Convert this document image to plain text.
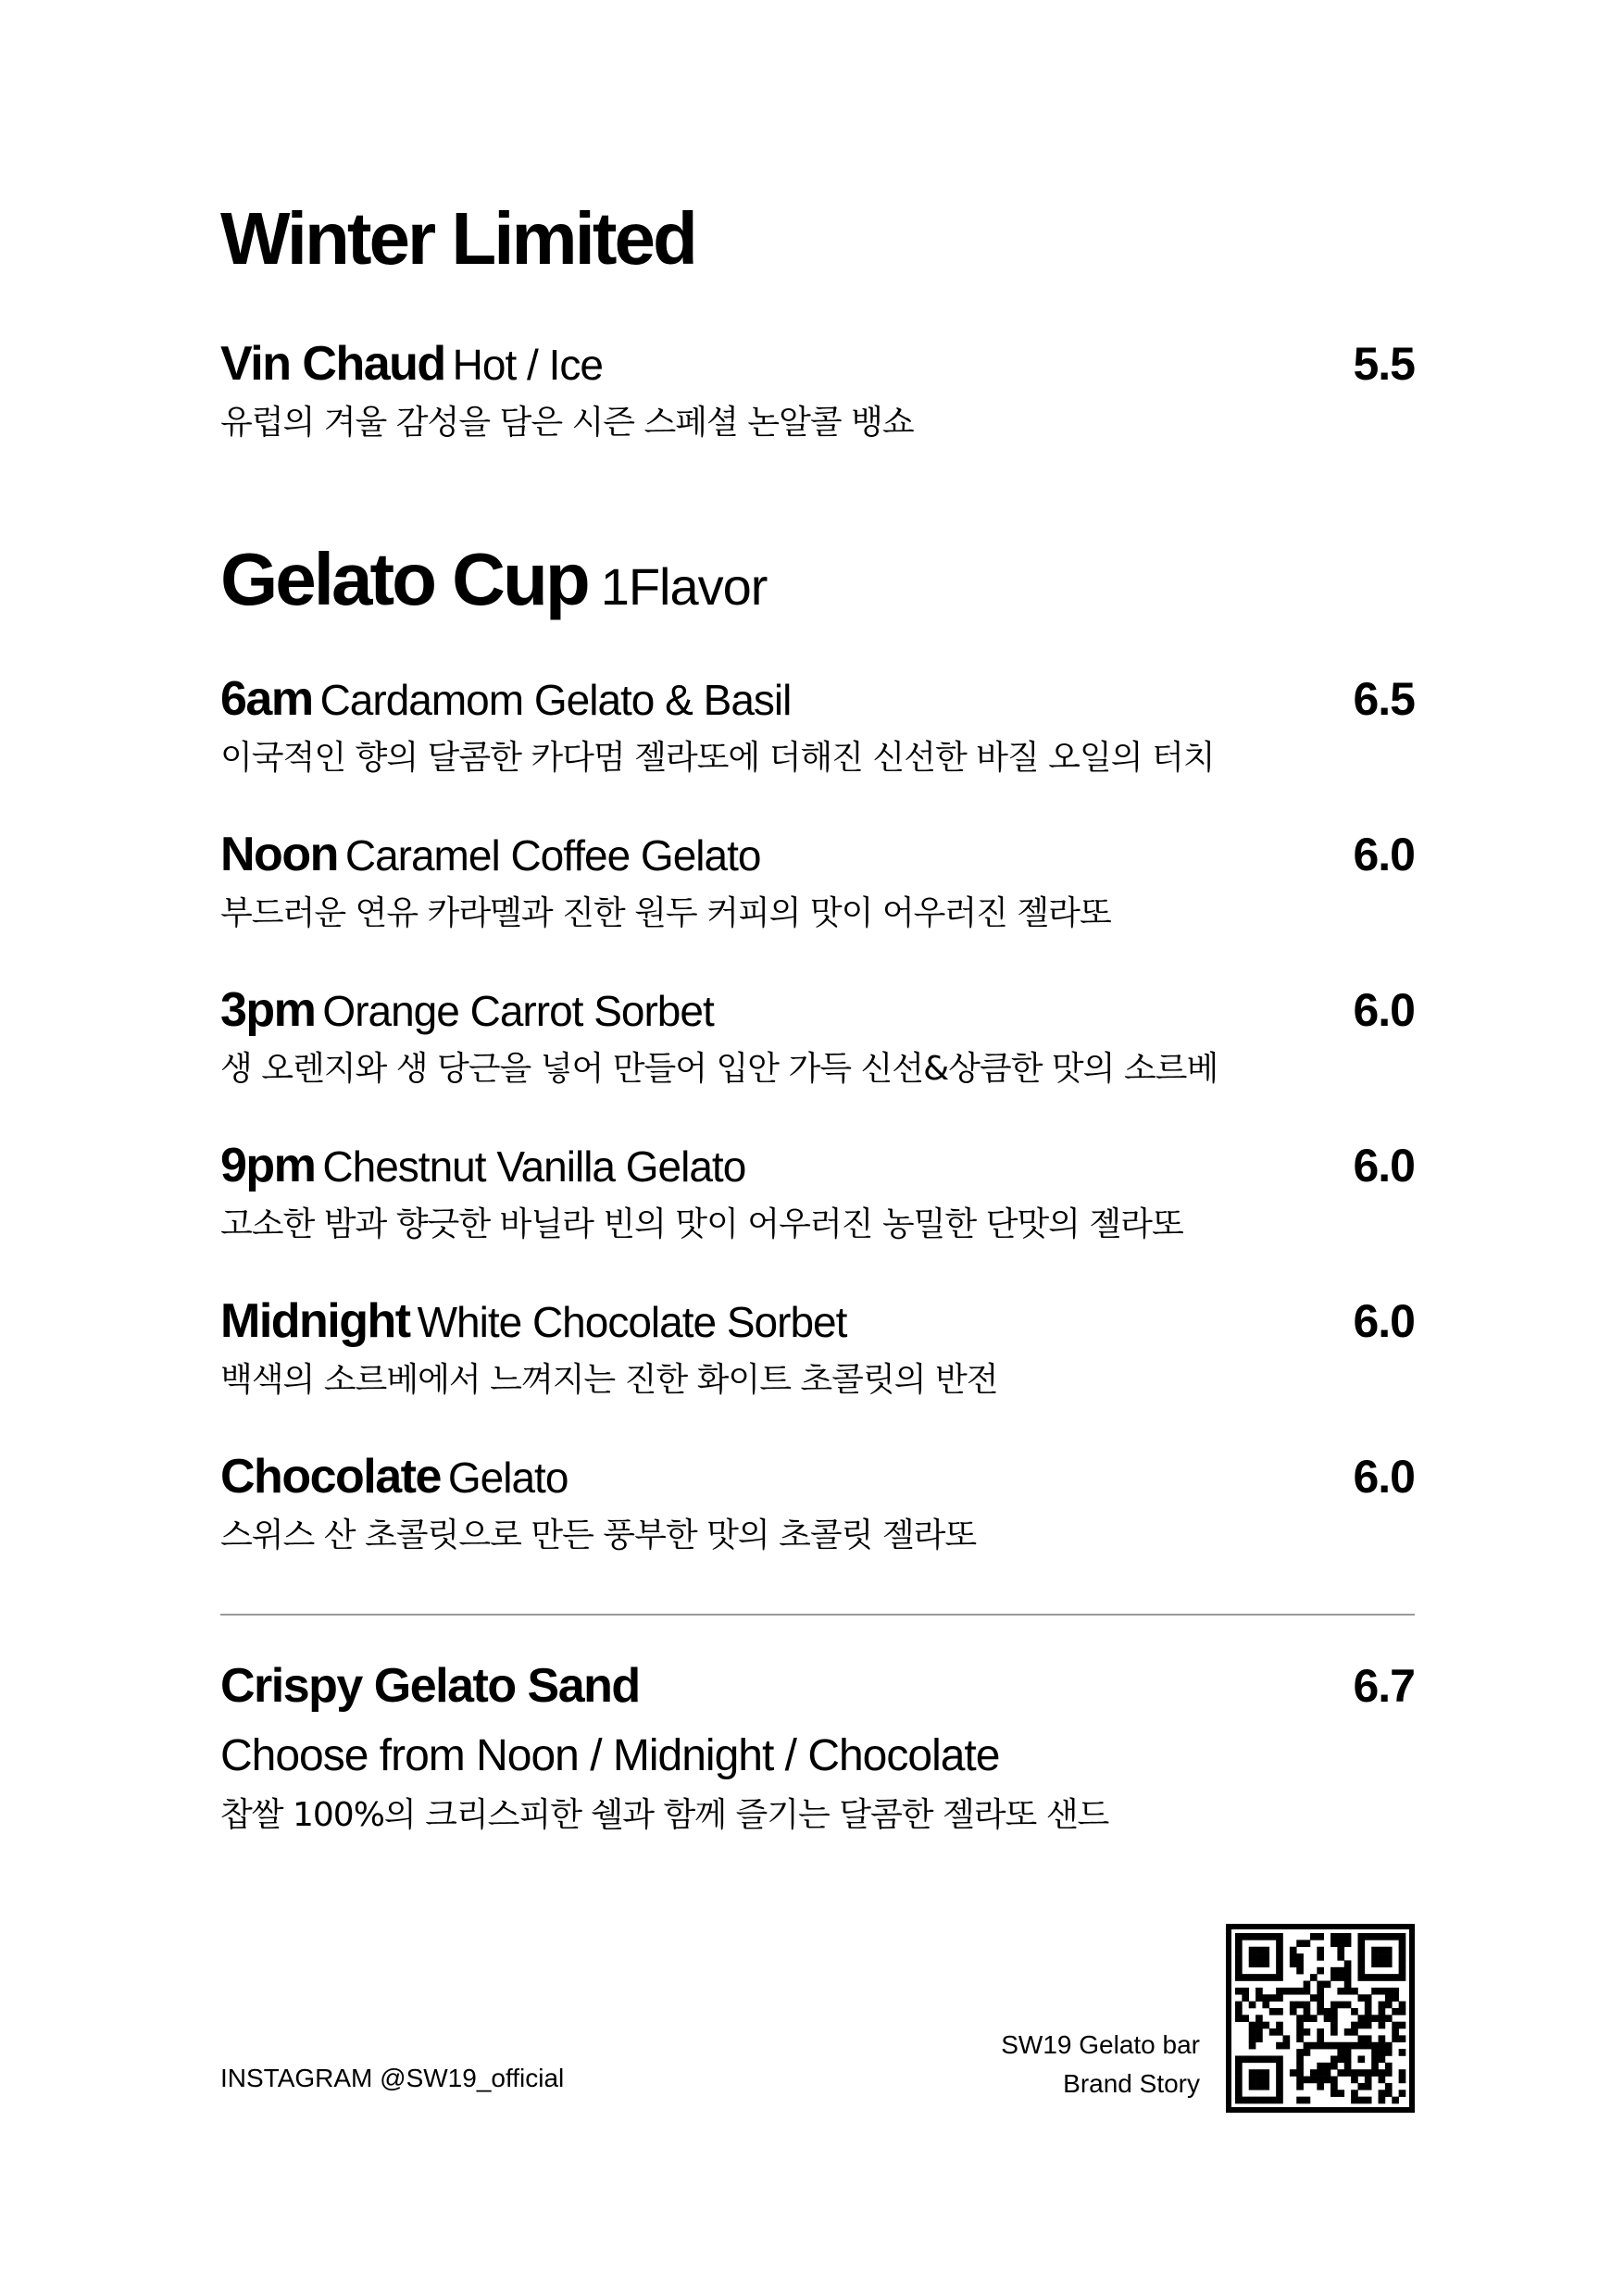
Winter Limited
Vin Chaud Hot / Ice	5.5
유럽의 겨울 감성을 담은 시즌 스페셜 논알콜 뱅쇼
Gelato Cup 1Flavor
6am Cardamom Gelato & Basil	6.5
이국적인 향의 달콤한 카다멈 젤라또에 더해진 신선한 바질 오일의 터치
Noon Caramel Coffee Gelato	6.0
부드러운 연유 카라멜과 진한 원두 커피의 맛이 어우러진 젤라또
3pm Orange Carrot Sorbet	6.0
생 오렌지와 생 당근을 넣어 만들어 입안 가득 신선&상큼한 맛의 소르베
9pm Chestnut Vanilla Gelato	6.0
고소한 밤과 향긋한 바닐라 빈의 맛이 어우러진 농밀한 단맛의 젤라또
Midnight White Chocolate Sorbet	6.0
백색의 소르베에서 느껴지는 진한 화이트 초콜릿의 반전
Chocolate Gelato	6.0
스위스 산 초콜릿으로 만든 풍부한 맛의 초콜릿 젤라또
Crispy Gelato Sand	6.7
Choose from Noon / Midnight / Chocolate
찹쌀 100%의 크리스피한 쉘과 함께 즐기는 달콤한 젤라또 샌드
INSTAGRAM @SW19_official
SW19 Gelato bar
Brand Story
